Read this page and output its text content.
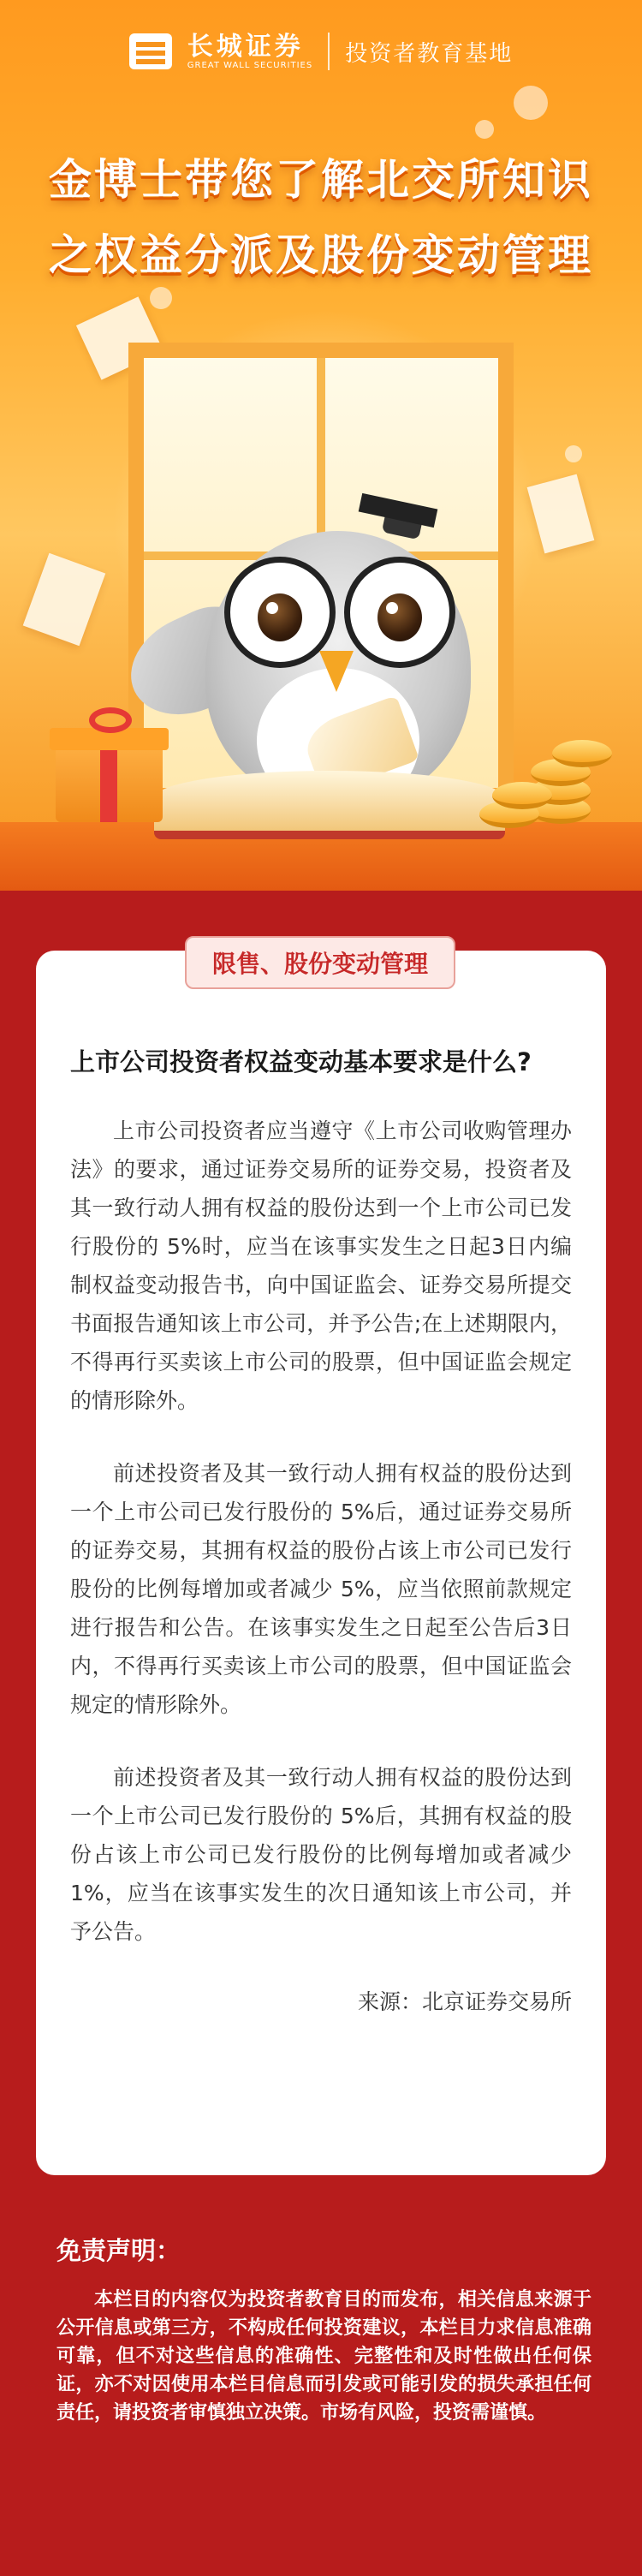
长城证券
GREAT WALL SECURITIES 投资者教育基地
金博士带您了解北交所知识
之权益分派及股份变动管理
限售、股份变动管理
上市公司投资者权益变动基本要求是什么?

上市公司投资者应当遵守《上市公司收购管理办法》的要求，通过证券交易所的证券交易，投资者及其一致行动人拥有权益的股份达到一个上市公司已发行股份的 5%时，应当在该事实发生之日起3日内编制权益变动报告书，向中国证监会、证券交易所提交书面报告通知该上市公司，并予公告;在上述期限内，不得再行买卖该上市公司的股票，但中国证监会规定的情形除外。

前述投资者及其一致行动人拥有权益的股份达到一个上市公司已发行股份的 5%后，通过证券交易所的证券交易，其拥有权益的股份占该上市公司已发行股份的比例每增加或者减少 5%，应当依照前款规定进行报告和公告。在该事实发生之日起至公告后3日内，不得再行买卖该上市公司的股票，但中国证监会规定的情形除外。

前述投资者及其一致行动人拥有权益的股份达到一个上市公司已发行股份的 5%后，其拥有权益的股份占该上市公司已发行股份的比例每增加或者减少1%，应当在该事实发生的次日通知该上市公司，并予公告。

来源：北京证券交易所
免责声明：
本栏目的内容仅为投资者教育目的而发布，相关信息来源于公开信息或第三方，不构成任何投资建议，本栏目力求信息准确可靠，但不对这些信息的准确性、完整性和及时性做出任何保证，亦不对因使用本栏目信息而引发或可能引发的损失承担任何责任，请投资者审慎独立决策。市场有风险，投资需谨慎。
